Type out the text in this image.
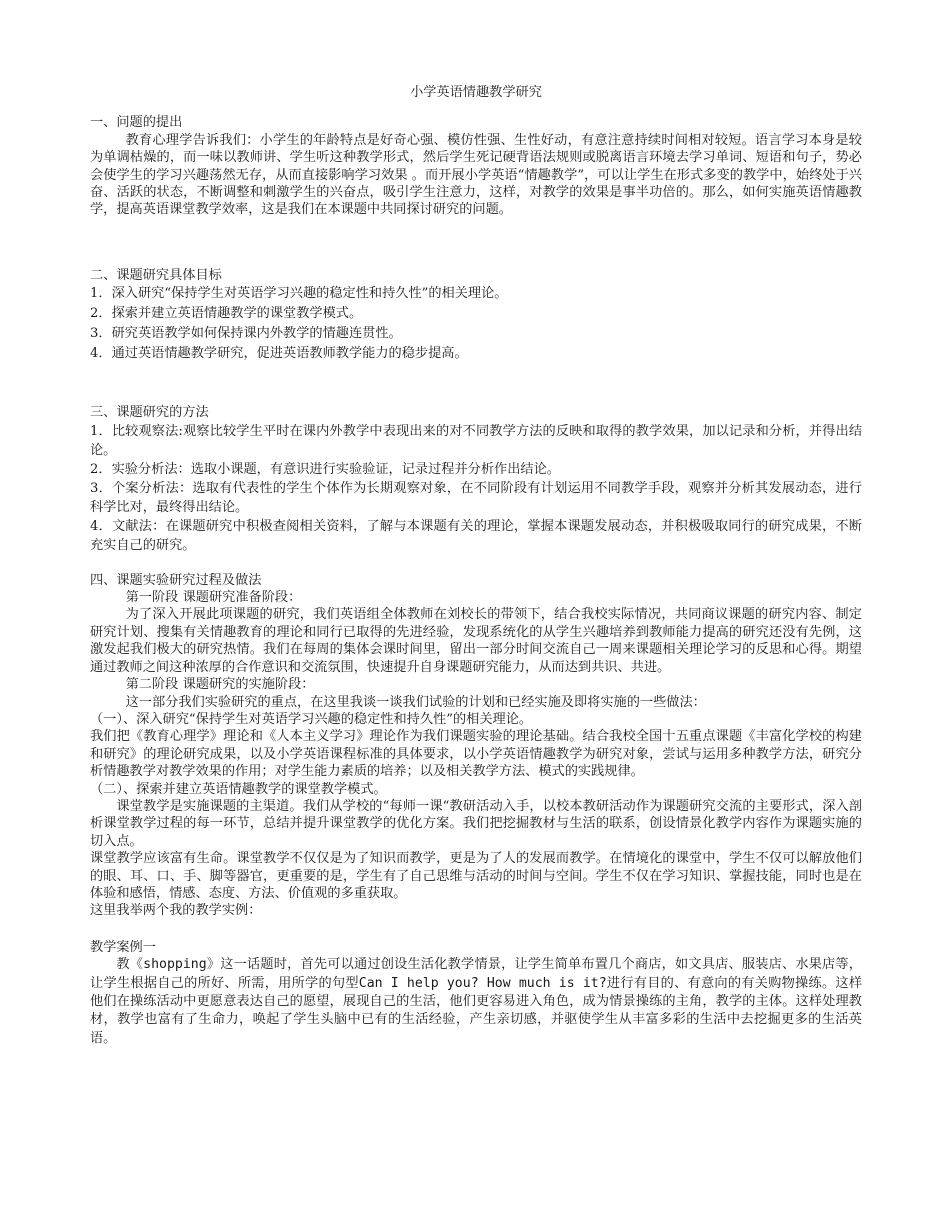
小学英语情趣教学研究

一、问题的提出

教育心理学告诉我们：小学生的年龄特点是好奇心强、模仿性强、生性好动，有意注意持续时间相对较短。语言学习本身是较为单调枯燥的，而一味以教师讲、学生听这种教学形式，然后学生死记硬背语法规则或脱离语言环境去学习单词、短语和句子，势必会使学生的学习兴趣荡然无存，从而直接影响学习效果 。而开展小学英语“情趣教学”，可以让学生在形式多变的教学中，始终处于兴奋、活跃的状态，不断调整和刺激学生的兴奋点，吸引学生注意力，这样，对教学的效果是事半功倍的。那么，如何实施英语情趣教学，提高英语课堂教学效率，这是我们在本课题中共同探讨研究的问题。

二、课题研究具体目标

1．深入研究“保持学生对英语学习兴趣的稳定性和持久性”的相关理论。

2．探索并建立英语情趣教学的课堂教学模式。

3．研究英语教学如何保持课内外教学的情趣连贯性。

4．通过英语情趣教学研究，促进英语教师教学能力的稳步提高。

三、课题研究的方法

1．比较观察法:观察比较学生平时在课内外教学中表现出来的对不同教学方法的反映和取得的教学效果，加以记录和分析，并得出结论。

2．实验分析法：选取小课题，有意识进行实验验证，记录过程并分析作出结论。

3．个案分析法：选取有代表性的学生个体作为长期观察对象，在不同阶段有计划运用不同教学手段，观察并分析其发展动态，进行科学比对，最终得出结论。

4．文献法：在课题研究中积极查阅相关资料，了解与本课题有关的理论，掌握本课题发展动态，并积极吸取同行的研究成果，不断充实自己的研究。

四、课题实验研究过程及做法

第一阶段 课题研究准备阶段：

为了深入开展此项课题的研究，我们英语组全体教师在刘校长的带领下，结合我校实际情况，共同商议课题的研究内容、制定研究计划、搜集有关情趣教育的理论和同行已取得的先进经验，发现系统化的从学生兴趣培养到教师能力提高的研究还没有先例，这激发起我们极大的研究热情。我们在每周的集体会课时间里，留出一部分时间交流自己一周来课题相关理论学习的反思和心得。期望通过教师之间这种浓厚的合作意识和交流氛围，快速提升自身课题研究能力，从而达到共识、共进。

第二阶段 课题研究的实施阶段：

这一部分我们实验研究的重点，在这里我谈一谈我们试验的计划和已经实施及即将实施的一些做法：

（一）、深入研究“保持学生对英语学习兴趣的稳定性和持久性”的相关理论。

我们把《教育心理学》理论和《人本主义学习》理论作为我们课题实验的理论基础。结合我校全国十五重点课题《丰富化学校的构建和研究》的理论研究成果，以及小学英语课程标准的具体要求，以小学英语情趣教学为研究对象，尝试与运用多种教学方法，研究分析情趣教学对教学效果的作用；对学生能力素质的培养；以及相关教学方法、模式的实践规律。

（二）、探索并建立英语情趣教学的课堂教学模式。

课堂教学是实施课题的主渠道。我们从学校的“每师一课“教研活动入手，以校本教研活动作为课题研究交流的主要形式，深入剖析课堂教学过程的每一环节，总结并提升课堂教学的优化方案。我们把挖掘教材与生活的联系，创设情景化教学内容作为课题实施的切入点。

课堂教学应该富有生命。课堂教学不仅仅是为了知识而教学，更是为了人的发展而教学。在情境化的课堂中，学生不仅可以解放他们的眼、耳、口、手、脚等器官，更重要的是，学生有了自己思维与活动的时间与空间。学生不仅在学习知识、掌握技能，同时也是在体验和感悟，情感、态度、方法、价值观的多重获取。

这里我举两个我的教学实例：

教学案例一

教《shopping》这一话题时，首先可以通过创设生活化教学情景，让学生简单布置几个商店，如文具店、服装店、水果店等，让学生根据自己的所好、所需，用所学的句型Can I help you? How much is it?进行有目的、有意向的有关购物操练。这样他们在操练活动中更愿意表达自己的愿望，展现自己的生活，他们更容易进入角色，成为情景操练的主角，教学的主体。这样处理教材，教学也富有了生命力，唤起了学生头脑中已有的生活经验，产生亲切感，并驱使学生从丰富多彩的生活中去挖掘更多的生活英语。
